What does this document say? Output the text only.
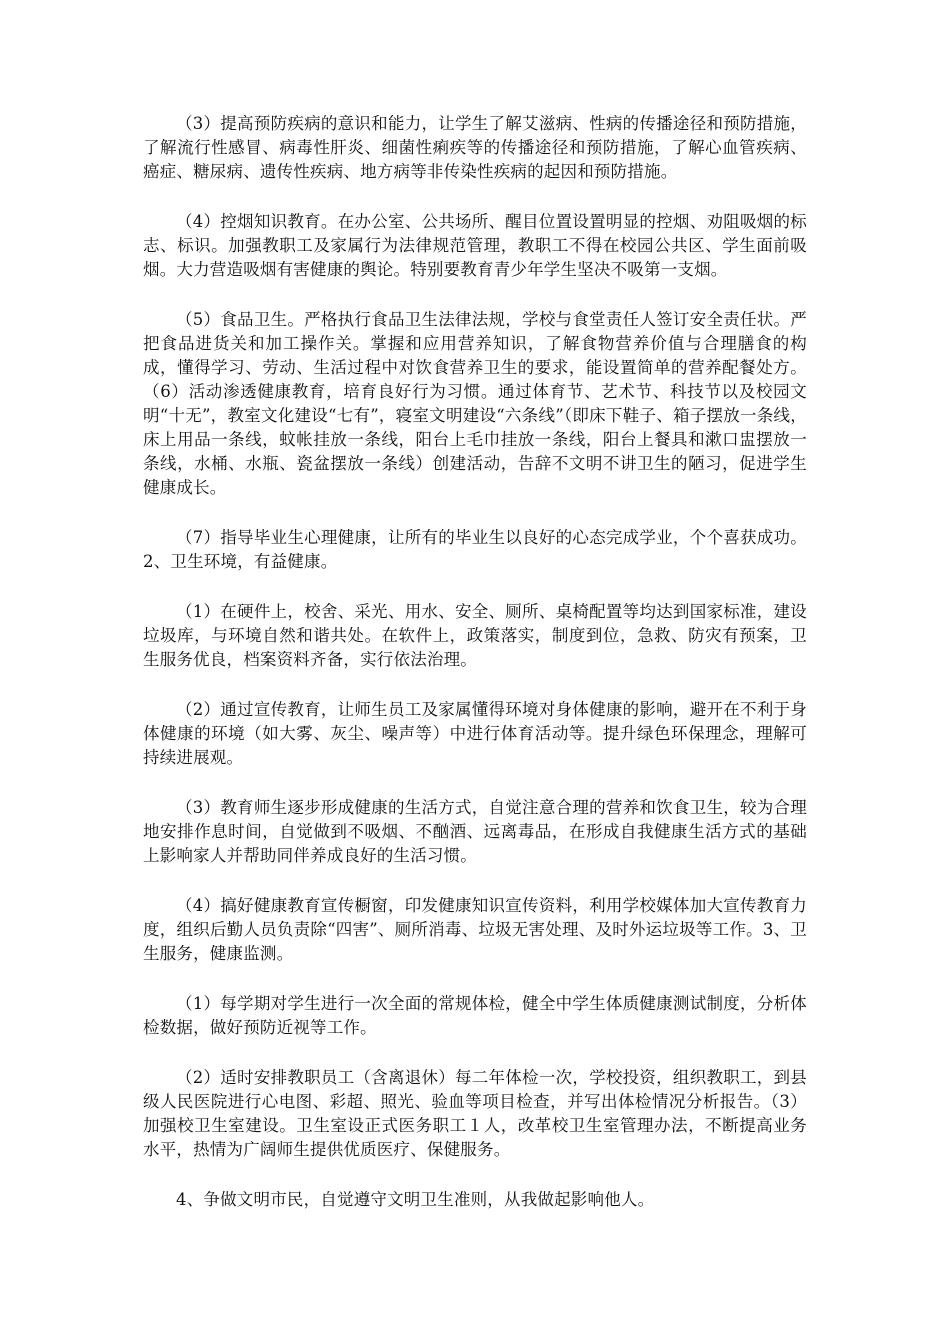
（3）提高预防疾病的意识和能力，让学生了解艾滋病、性病的传播途径和预防措施，了解流行性感冒、病毒性肝炎、细菌性痢疾等的传播途径和预防措施，了解心血管疾病、癌症、糖尿病、遗传性疾病、地方病等非传染性疾病的起因和预防措施。

（4）控烟知识教育。在办公室、公共场所、醒目位置设置明显的控烟、劝阻吸烟的标志、标识。加强教职工及家属行为法律规范管理，教职工不得在校园公共区、学生面前吸烟。大力营造吸烟有害健康的舆论。特别要教育青少年学生坚决不吸第一支烟。

（5）食品卫生。严格执行食品卫生法律法规，学校与食堂责任人签订安全责任状。严把食品进货关和加工操作关。掌握和应用营养知识，了解食物营养价值与合理膳食的构成，懂得学习、劳动、生活过程中对饮食营养卫生的要求，能设置简单的营养配餐处方。（6）活动渗透健康教育，培育良好行为习惯。通过体育节、艺术节、科技节以及校园文明“十无”，教室文化建设“七有”，寝室文明建设“六条线”（即床下鞋子、箱子摆放一条线，床上用品一条线，蚊帐挂放一条线，阳台上毛巾挂放一条线，阳台上餐具和漱口盅摆放一条线，水桶、水瓶、瓷盆摆放一条线）创建活动，告辞不文明不讲卫生的陋习，促进学生健康成长。

（7）指导毕业生心理健康，让所有的毕业生以良好的心态完成学业，个个喜获成功。2、卫生环境，有益健康。

（1）在硬件上，校舍、采光、用水、安全、厕所、桌椅配置等均达到国家标准，建设垃圾库，与环境自然和谐共处。在软件上，政策落实，制度到位，急救、防灾有预案，卫生服务优良，档案资料齐备，实行依法治理。

（2）通过宣传教育，让师生员工及家属懂得环境对身体健康的影响，避开在不利于身体健康的环境（如大雾、灰尘、噪声等）中进行体育活动等。提升绿色环保理念，理解可持续进展观。

（3）教育师生逐步形成健康的生活方式，自觉注意合理的营养和饮食卫生，较为合理地安排作息时间，自觉做到不吸烟、不酗酒、远离毒品，在形成自我健康生活方式的基础上影响家人并帮助同伴养成良好的生活习惯。

（4）搞好健康教育宣传橱窗，印发健康知识宣传资料，利用学校媒体加大宣传教育力度，组织后勤人员负责除“四害”、厕所消毒、垃圾无害处理、及时外运垃圾等工作。3、卫生服务，健康监测。

（1）每学期对学生进行一次全面的常规体检，健全中学生体质健康测试制度，分析体检数据，做好预防近视等工作。

（2）适时安排教职员工（含离退休）每二年体检一次，学校投资，组织教职工，到县级人民医院进行心电图、彩超、照光、验血等项目检查，并写出体检情况分析报告。（3）加强校卫生室建设。卫生室设正式医务职工１人，改革校卫生室管理办法，不断提高业务水平，热情为广阔师生提供优质医疗、保健服务。

4、争做文明市民，自觉遵守文明卫生准则，从我做起影响他人。
